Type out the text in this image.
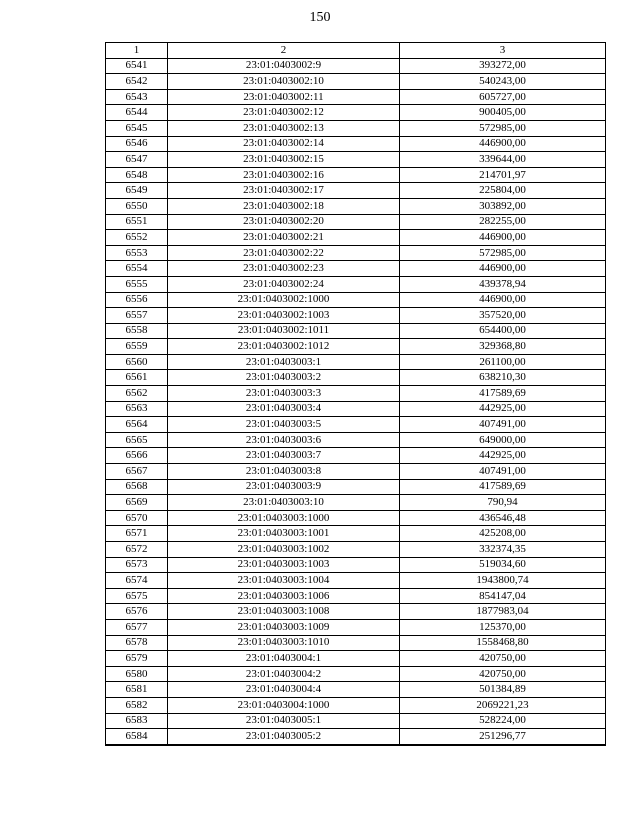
150
1	2	3
6541	23:01:0403002:9	393272,00
6542	23:01:0403002:10	540243,00
6543	23:01:0403002:11	605727,00
6544	23:01:0403002:12	900405,00
6545	23:01:0403002:13	572985,00
6546	23:01:0403002:14	446900,00
6547	23:01:0403002:15	339644,00
6548	23:01:0403002:16	214701,97
6549	23:01:0403002:17	225804,00
6550	23:01:0403002:18	303892,00
6551	23:01:0403002:20	282255,00
6552	23:01:0403002:21	446900,00
6553	23:01:0403002:22	572985,00
6554	23:01:0403002:23	446900,00
6555	23:01:0403002:24	439378,94
6556	23:01:0403002:1000	446900,00
6557	23:01:0403002:1003	357520,00
6558	23:01:0403002:1011	654400,00
6559	23:01:0403002:1012	329368,80
6560	23:01:0403003:1	261100,00
6561	23:01:0403003:2	638210,30
6562	23:01:0403003:3	417589,69
6563	23:01:0403003:4	442925,00
6564	23:01:0403003:5	407491,00
6565	23:01:0403003:6	649000,00
6566	23:01:0403003:7	442925,00
6567	23:01:0403003:8	407491,00
6568	23:01:0403003:9	417589,69
6569	23:01:0403003:10	790,94
6570	23:01:0403003:1000	436546,48
6571	23:01:0403003:1001	425208,00
6572	23:01:0403003:1002	332374,35
6573	23:01:0403003:1003	519034,60
6574	23:01:0403003:1004	1943800,74
6575	23:01:0403003:1006	854147,04
6576	23:01:0403003:1008	1877983,04
6577	23:01:0403003:1009	125370,00
6578	23:01:0403003:1010	1558468,80
6579	23:01:0403004:1	420750,00
6580	23:01:0403004:2	420750,00
6581	23:01:0403004:4	501384,89
6582	23:01:0403004:1000	2069221,23
6583	23:01:0403005:1	528224,00
6584	23:01:0403005:2	251296,77
